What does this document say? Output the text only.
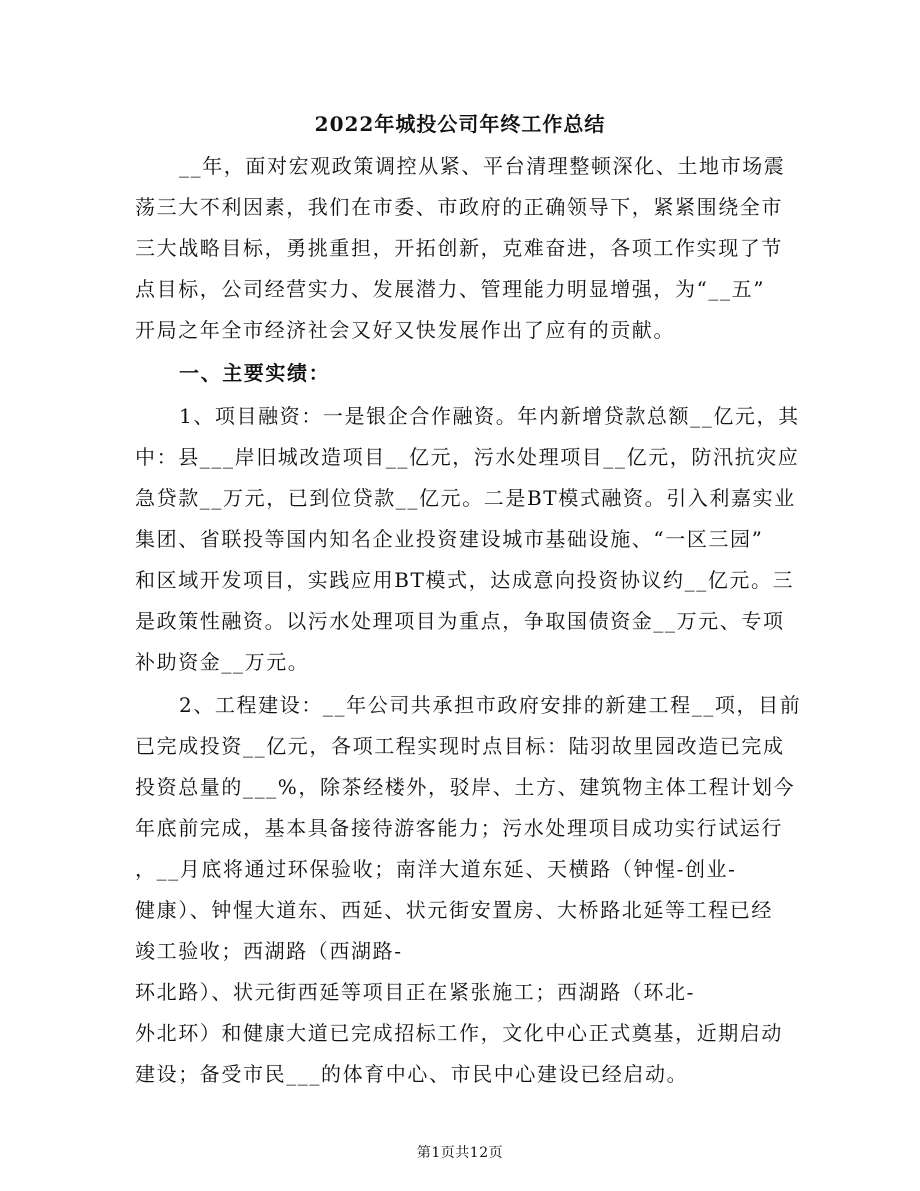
2022年城投公司年终工作总结
__年，面对宏观政策调控从紧、平台清理整顿深化、土地市场震
荡三大不利因素，我们在市委、市政府的正确领导下，紧紧围绕全市
三大战略目标，勇挑重担，开拓创新，克难奋进，各项工作实现了节
点目标，公司经营实力、发展潜力、管理能力明显增强，为“__五”
开局之年全市经济社会又好又快发展作出了应有的贡献。
一、主要实绩：
1、项目融资：一是银企合作融资。年内新增贷款总额__亿元，其
中：县___岸旧城改造项目__亿元，污水处理项目__亿元，防汛抗灾应
急贷款__万元，已到位贷款__亿元。二是BT模式融资。引入利嘉实业
集团、省联投等国内知名企业投资建设城市基础设施、“一区三园”
和区域开发项目，实践应用BT模式，达成意向投资协议约__亿元。三
是政策性融资。以污水处理项目为重点，争取国债资金__万元、专项
补助资金__万元。
2、工程建设：__年公司共承担市政府安排的新建工程__项，目前
已完成投资__亿元，各项工程实现时点目标：陆羽故里园改造已完成
投资总量的___%，除茶经楼外，驳岸、土方、建筑物主体工程计划今
年底前完成，基本具备接待游客能力；污水处理项目成功实行试运行
，__月底将通过环保验收；南洋大道东延、天横路（钟惺-创业-
健康）、钟惺大道东、西延、状元街安置房、大桥路北延等工程已经
竣工验收；西湖路（西湖路-
环北路）、状元街西延等项目正在紧张施工；西湖路（环北-
外北环）和健康大道已完成招标工作，文化中心正式奠基，近期启动
建设；备受市民___的体育中心、市民中心建设已经启动。
第1页共12页
